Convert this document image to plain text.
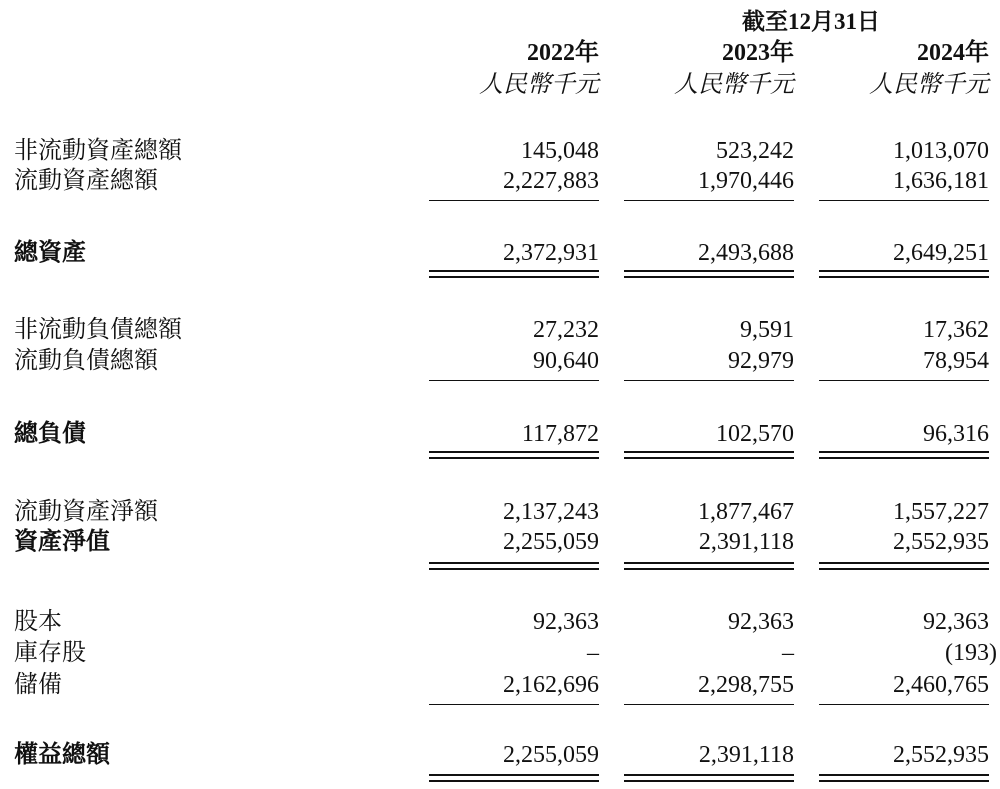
截至12月31日
2022年	2023年	2024年
人民幣千元	人民幣千元	人民幣千元
非流動資產總額	145,048	523,242	1,013,070
流動資產總額	2,227,883	1,970,446	1,636,181
總資產	2,372,931	2,493,688	2,649,251
非流動負債總額	27,232	9,591	17,362
流動負債總額	90,640	92,979	78,954
總負債	117,872	102,570	96,316
流動資產淨額	2,137,243	1,877,467	1,557,227
資產淨值	2,255,059	2,391,118	2,552,935
股本	92,363	92,363	92,363
庫存股	–	–	(193)
儲備	2,162,696	2,298,755	2,460,765
權益總額	2,255,059	2,391,118	2,552,935
